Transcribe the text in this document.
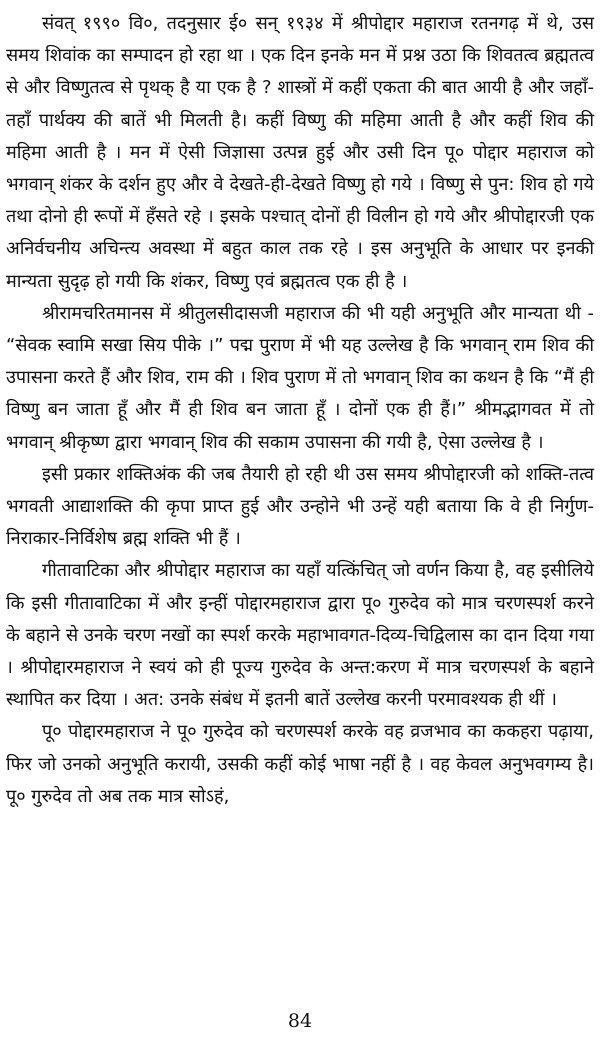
संवत् १९९० वि०, तदनुसार ई० सन् १९३४ में श्रीपोद्दार महाराज रतनगढ़ में थे, उस समय शिवांक का सम्पादन हो रहा था । एक दिन इनके मन में प्रश्न उठा कि शिवतत्व ब्रह्मतत्व से और विष्णुतत्व से पृथक् है या एक है ? शास्त्रों में कहीं एकता की बात आयी है और जहाँ-तहाँ पार्थक्य की बातें भी मिलती है। कहीं विष्णु की महिमा आती है और कहीं शिव की महिमा आती है । मन में ऐसी जिज्ञासा उत्पन्न हुई और उसी दिन पू० पोद्दार महाराज को भगवान् शंकर के दर्शन हुए और वे देखते-ही-देखते विष्णु हो गये । विष्णु से पुन: शिव हो गये तथा दोनो ही रूपों में हँसते रहे । इसके पश्चात् दोनों ही विलीन हो गये और श्रीपोद्दारजी एक अनिर्वचनीय अचिन्त्य अवस्था में बहुत काल तक रहे । इस अनुभूति के आधार पर इनकी मान्यता सुदृढ़ हो गयी कि शंकर, विष्णु एवं ब्रह्मतत्व एक ही है ।

श्रीरामचरितमानस में श्रीतुलसीदासजी महाराज की भी यही अनुभूति और मान्यता थी - “सेवक स्वामि सखा सिय पीके ।” पद्म पुराण में भी यह उल्लेख है कि भगवान् राम शिव की उपासना करते हैं और शिव, राम की । शिव पुराण में तो भगवान् शिव का कथन है कि “मैं ही विष्णु बन जाता हूँ और मैं ही शिव बन जाता हूँ । दोनों एक ही हैं।” श्रीमद्भागवत में तो भगवान् श्रीकृष्ण द्वारा भगवान् शिव की सकाम उपासना की गयी है, ऐसा उल्लेख है ।

इसी प्रकार शक्तिअंक की जब तैयारी हो रही थी उस समय श्रीपोद्दारजी को शक्ति-तत्व भगवती आद्याशक्ति की कृपा प्राप्त हुई और उन्होने भी उन्हें यही बताया कि वे ही निर्गुण-निराकार-निर्विशेष ब्रह्म शक्ति भी हैं ।

गीतावाटिका और श्रीपोद्दार महाराज का यहाँ यत्किंचित् जो वर्णन किया है, वह इसीलिये कि इसी गीतावाटिका में और इन्हीं पोद्दारमहाराज द्वारा पू० गुरुदेव को मात्र चरणस्पर्श करने के बहाने से उनके चरण नखों का स्पर्श करके महाभावगत-दिव्य-चिद्विलास का दान दिया गया । श्रीपोद्दारमहाराज ने स्वयं को ही पूज्य गुरुदेव के अन्त:करण में मात्र चरणस्पर्श के बहाने स्थापित कर दिया । अत: उनके संबंध में इतनी बातें उल्लेख करनी परमावश्यक ही थीं ।

पू० पोद्दारमहाराज ने पू० गुरुदेव को चरणस्पर्श करके वह व्रजभाव का ककहरा पढ़ाया, फिर जो उनको अनुभूति करायी, उसकी कहीं कोई भाषा नहीं है । वह केवल अनुभवगम्य है। पू० गुरुदेव तो अब तक मात्र सोऽहं,

84
